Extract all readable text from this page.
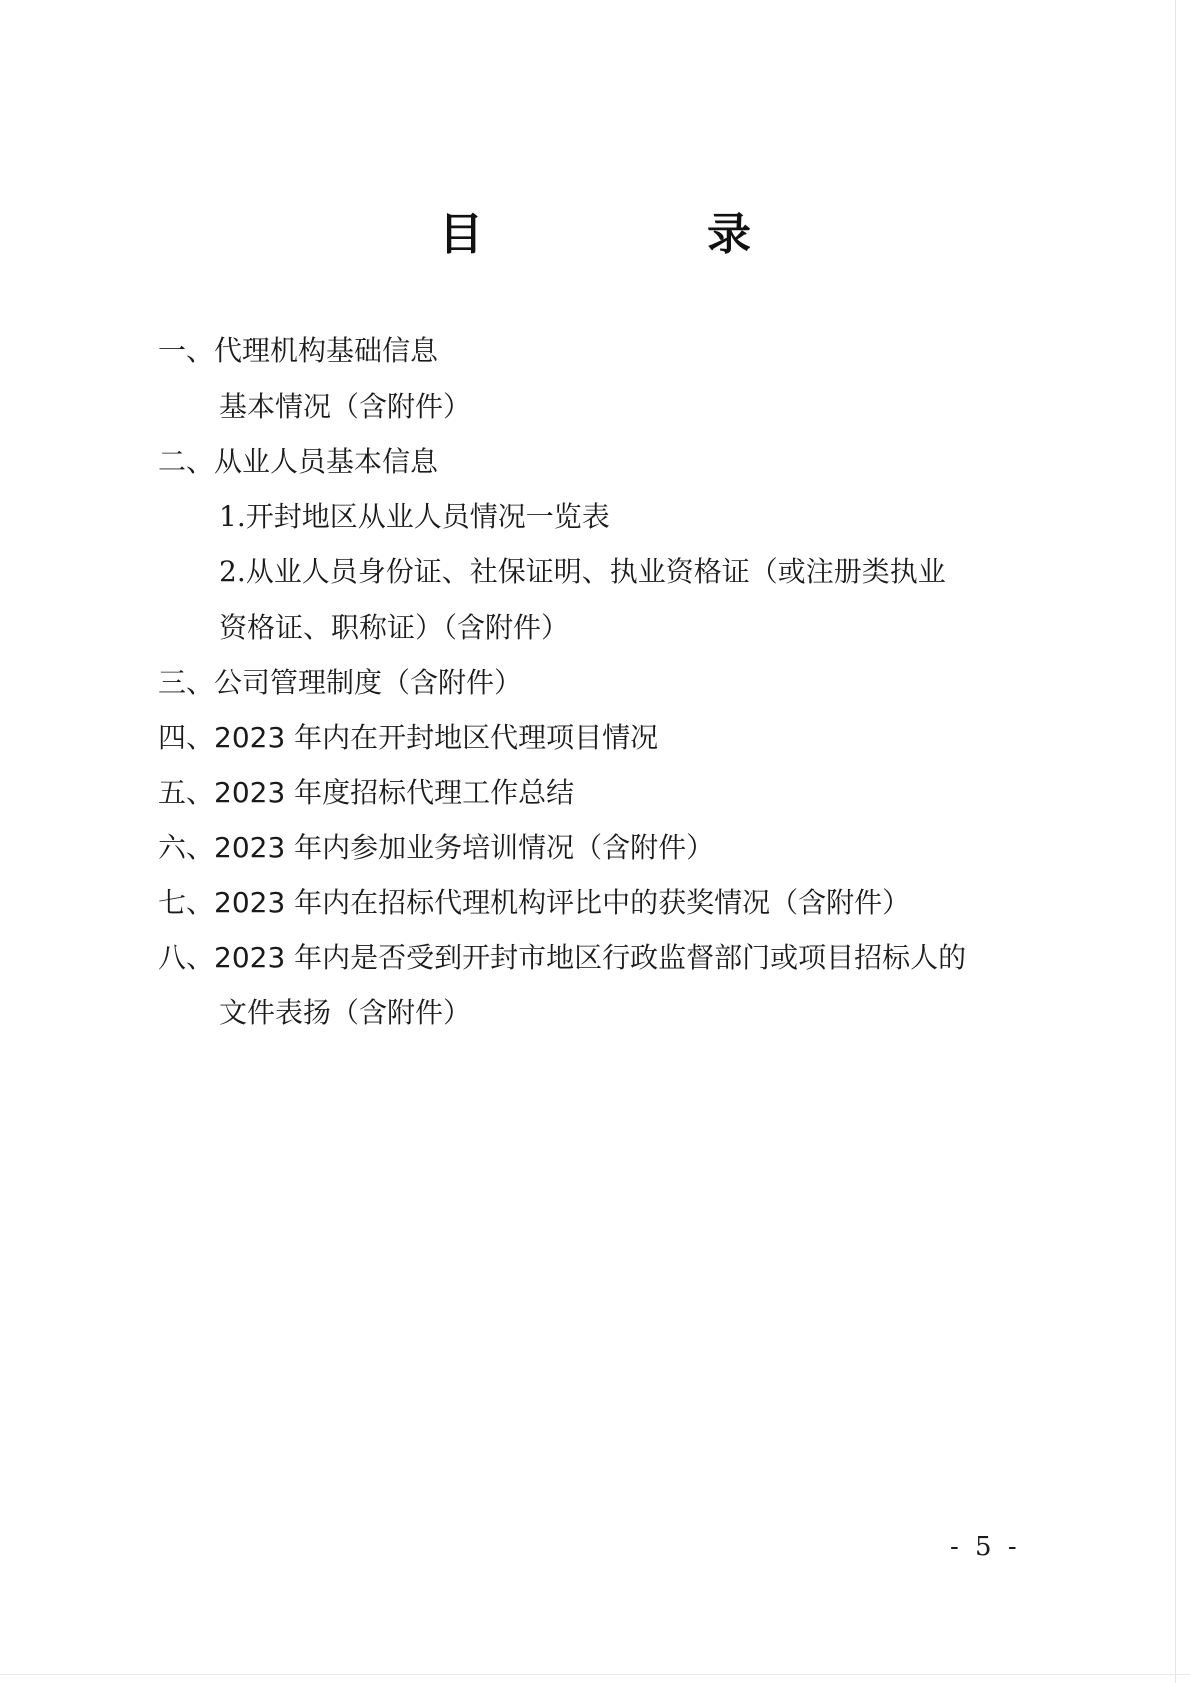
目　录
一、代理机构基础信息
基本情况（含附件）
二、从业人员基本信息
1.开封地区从业人员情况一览表
2.从业人员身份证、社保证明、执业资格证（或注册类执业
资格证、职称证）（含附件）
三、公司管理制度（含附件）
四、2023 年内在开封地区代理项目情况
五、2023 年度招标代理工作总结
六、2023 年内参加业务培训情况（含附件）
七、2023 年内在招标代理机构评比中的获奖情况（含附件）
八、2023 年内是否受到开封市地区行政监督部门或项目招标人的
文件表扬（含附件）
- 5 -
